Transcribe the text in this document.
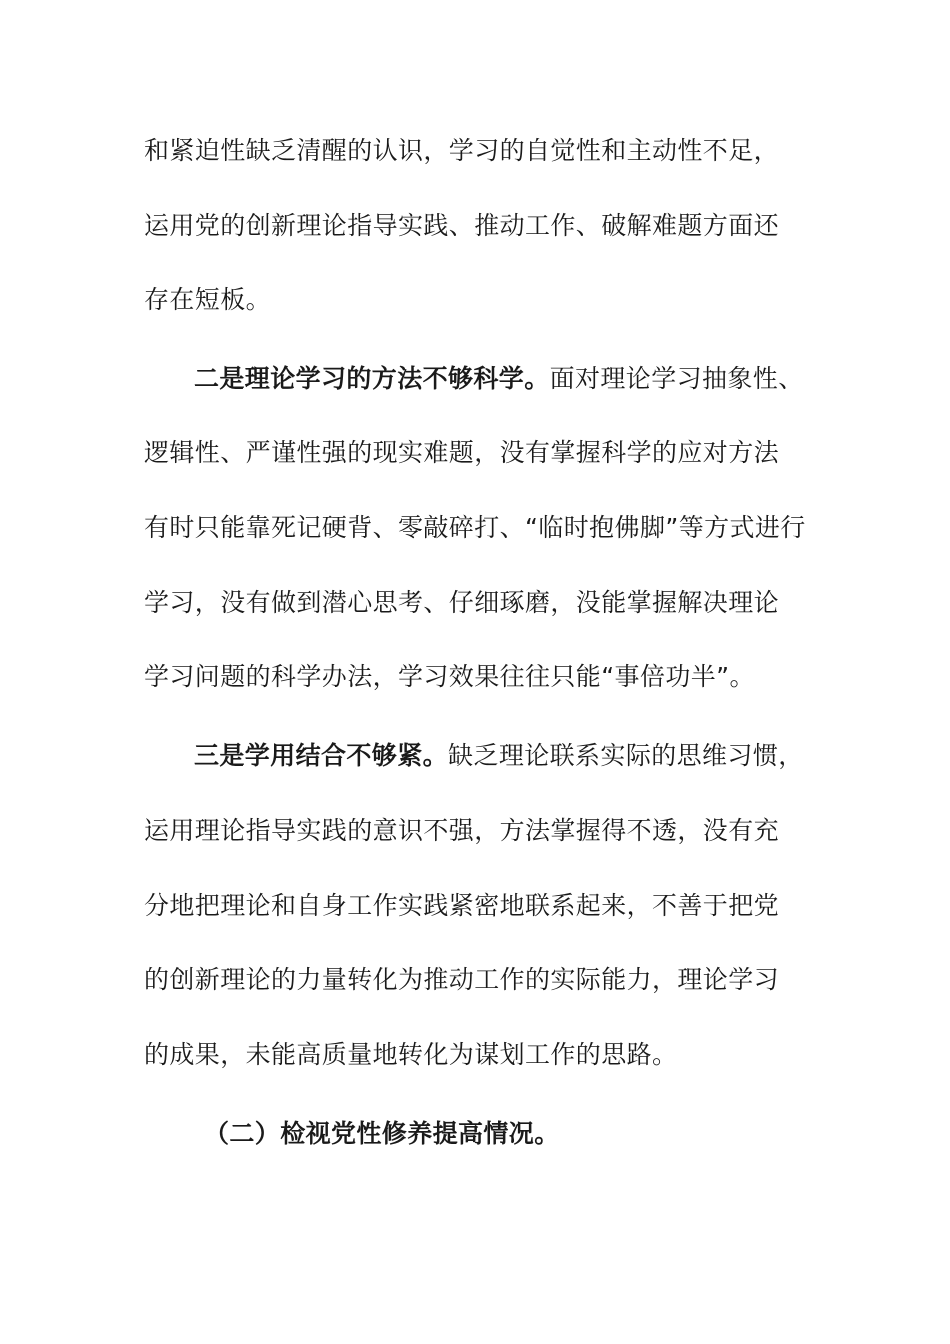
和紧迫性缺乏清醒的认识，学习的自觉性和主动性不足，
运用党的创新理论指导实践、推动工作、破解难题方面还
存在短板。
二是理论学习的方法不够科学。面对理论学习抽象性、
逻辑性、严谨性强的现实难题，没有掌握科学的应对方法
有时只能靠死记硬背、零敲碎打、“临时抱佛脚”等方式进行
学习，没有做到潜心思考、仔细琢磨，没能掌握解决理论
学习问题的科学办法，学习效果往往只能“事倍功半”。
三是学用结合不够紧。缺乏理论联系实际的思维习惯，
运用理论指导实践的意识不强，方法掌握得不透，没有充
分地把理论和自身工作实践紧密地联系起来，不善于把党
的创新理论的力量转化为推动工作的实际能力，理论学习
的成果，未能高质量地转化为谋划工作的思路。
（二）检视党性修养提高情况。
